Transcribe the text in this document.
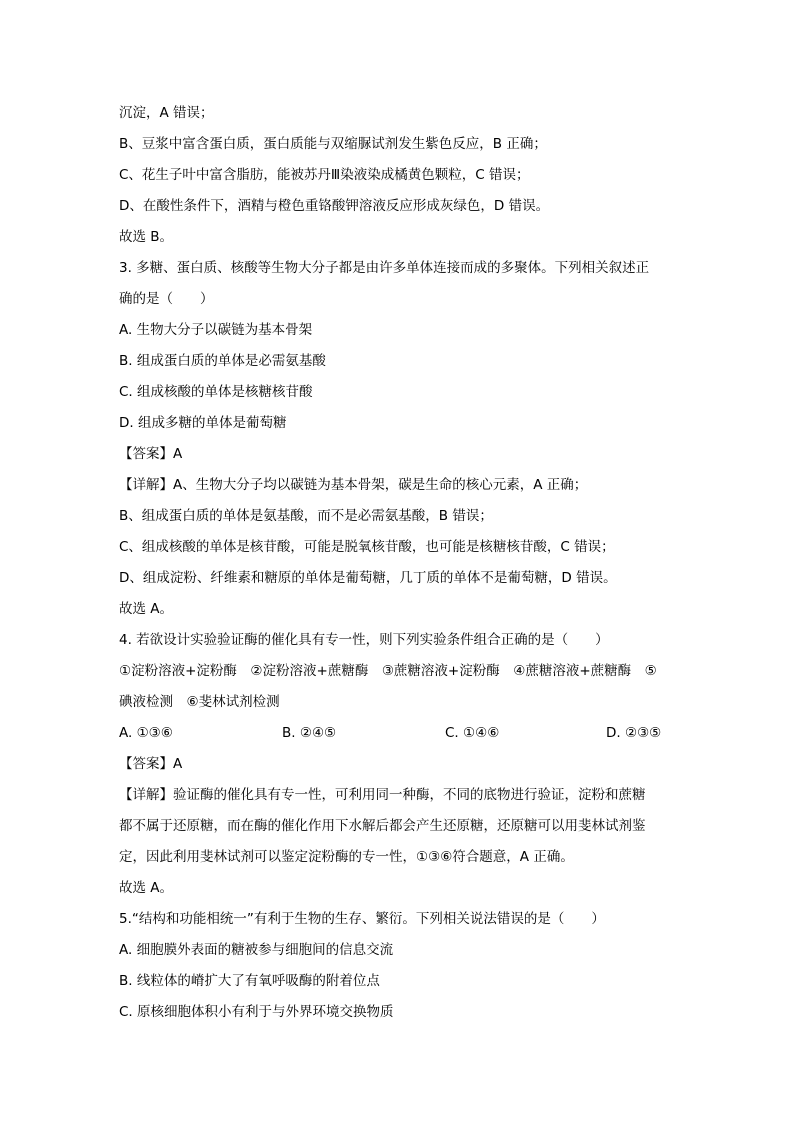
沉淀，A 错误；
B、豆浆中富含蛋白质，蛋白质能与双缩脲试剂发生紫色反应，B 正确；
C、花生子叶中富含脂肪，能被苏丹Ⅲ染液染成橘黄色颗粒，C 错误；
D、在酸性条件下，酒精与橙色重铬酸钾溶液反应形成灰绿色，D 错误。
故选 B。
3. 多糖、蛋白质、核酸等生物大分子都是由许多单体连接而成的多聚体。下列相关叙述正
确的是（　　）
A. 生物大分子以碳链为基本骨架
B. 组成蛋白质的单体是必需氨基酸
C. 组成核酸的单体是核糖核苷酸
D. 组成多糖的单体是葡萄糖
【答案】A
【详解】A、生物大分子均以碳链为基本骨架，碳是生命的核心元素，A 正确；
B、组成蛋白质的单体是氨基酸，而不是必需氨基酸，B 错误；
C、组成核酸的单体是核苷酸，可能是脱氧核苷酸，也可能是核糖核苷酸，C 错误；
D、组成淀粉、纤维素和糖原的单体是葡萄糖，几丁质的单体不是葡萄糖，D 错误。
故选 A。
4. 若欲设计实验验证酶的催化具有专一性，则下列实验条件组合正确的是（　　）
①淀粉溶液+淀粉酶　②淀粉溶液+蔗糖酶　③蔗糖溶液+淀粉酶　④蔗糖溶液+蔗糖酶　⑤
碘液检测　⑥斐林试剂检测
A. ①③⑥	B. ②④⑤	C. ①④⑥	D. ②③⑤
【答案】A
【详解】验证酶的催化具有专一性，可利用同一种酶，不同的底物进行验证，淀粉和蔗糖
都不属于还原糖，而在酶的催化作用下水解后都会产生还原糖，还原糖可以用斐林试剂鉴
定，因此利用斐林试剂可以鉴定淀粉酶的专一性，①③⑥符合题意，A 正确。
故选 A。
5.“结构和功能相统一”有利于生物的生存、繁衍。下列相关说法错误的是（　　）
A. 细胞膜外表面的糖被参与细胞间的信息交流
B. 线粒体的嵴扩大了有氧呼吸酶的附着位点
C. 原核细胞体积小有利于与外界环境交换物质
